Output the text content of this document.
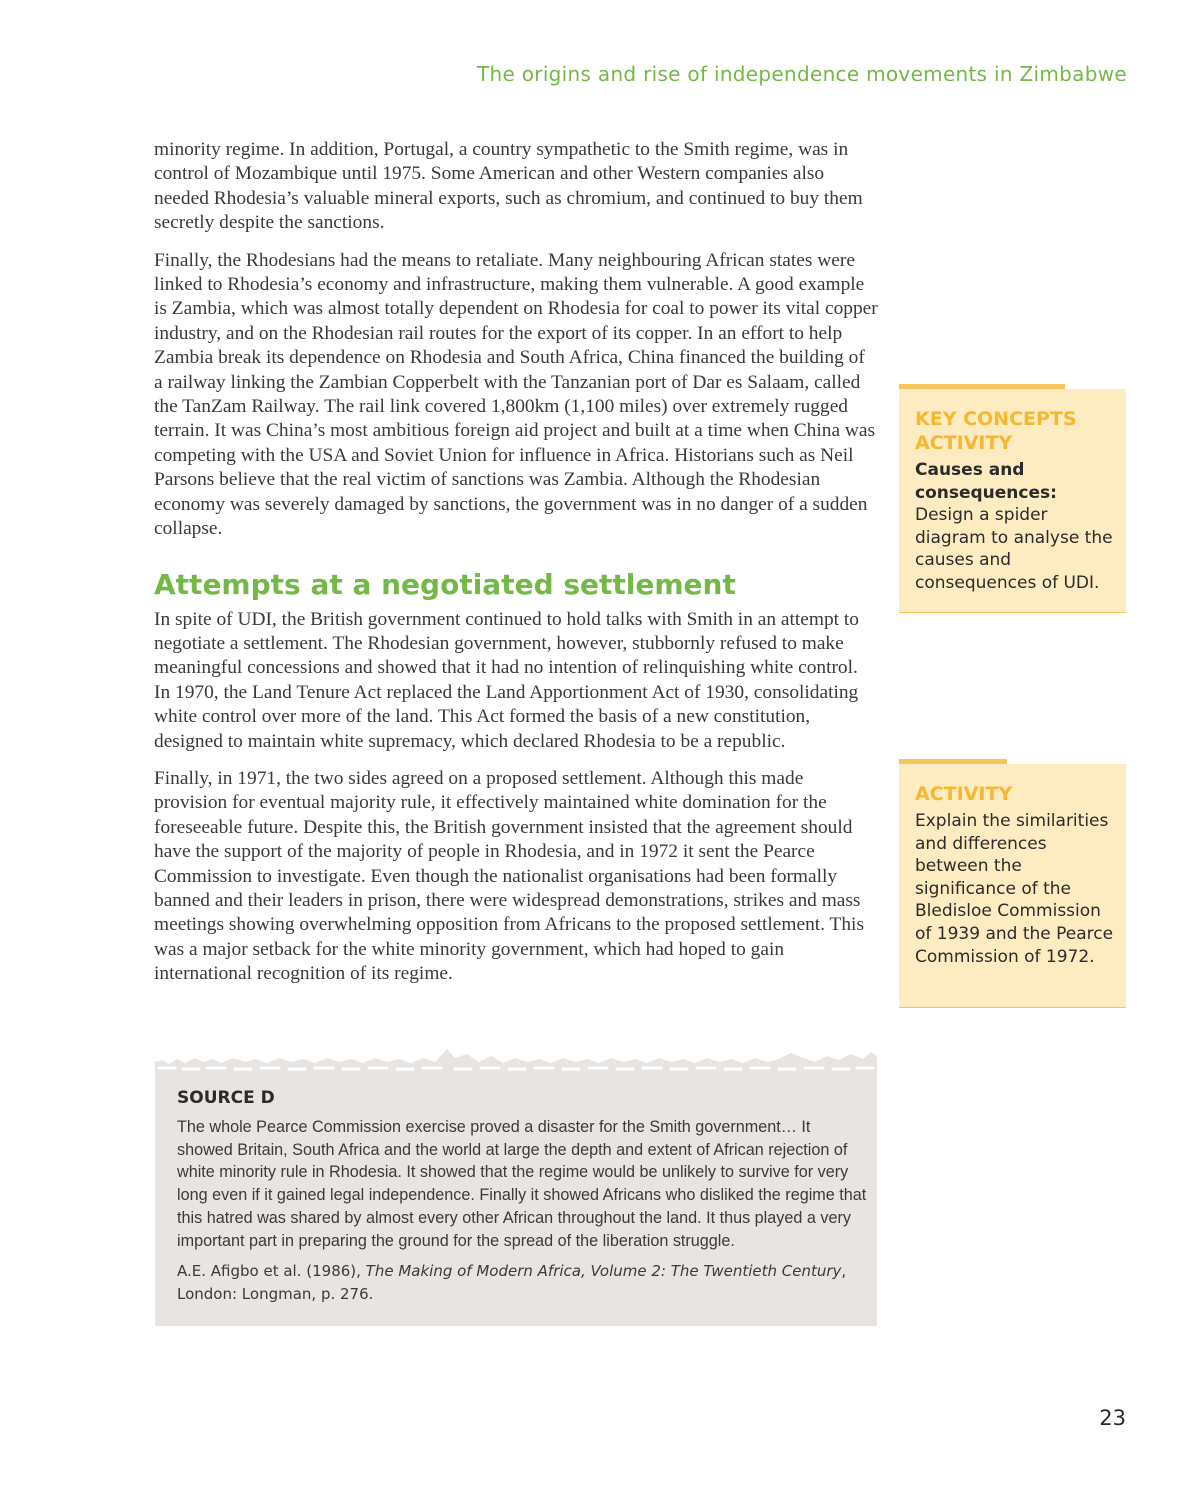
The origins and rise of independence movements in Zimbabwe

minority regime. In addition, Portugal, a country sympathetic to the Smith regime, was in control of Mozambique until 1975. Some American and other Western companies also needed Rhodesia’s valuable mineral exports, such as chromium, and continued to buy them secretly despite the sanctions.

Finally, the Rhodesians had the means to retaliate. Many neighbouring African states were linked to Rhodesia’s economy and infrastructure, making them vulnerable. A good example is Zambia, which was almost totally dependent on Rhodesia for coal to power its vital copper industry, and on the Rhodesian rail routes for the export of its copper. In an effort to help Zambia break its dependence on Rhodesia and South Africa, China financed the building of a railway linking the Zambian Copperbelt with the Tanzanian port of Dar es Salaam, called the TanZam Railway. The rail link covered 1,800km (1,100 miles) over extremely rugged terrain. It was China’s most ambitious foreign aid project and built at a time when China was competing with the USA and Soviet Union for influence in Africa. Historians such as Neil Parsons believe that the real victim of sanctions was Zambia. Although the Rhodesian economy was severely damaged by sanctions, the government was in no danger of a sudden collapse.

Attempts at a negotiated settlement

In spite of UDI, the British government continued to hold talks with Smith in an attempt to negotiate a settlement. The Rhodesian government, however, stubbornly refused to make meaningful concessions and showed that it had no intention of relinquishing white control. In 1970, the Land Tenure Act replaced the Land Apportionment Act of 1930, consolidating white control over more of the land. This Act formed the basis of a new constitution, designed to maintain white supremacy, which declared Rhodesia to be a republic.

Finally, in 1971, the two sides agreed on a proposed settlement. Although this made provision for eventual majority rule, it effectively maintained white domination for the foreseeable future. Despite this, the British government insisted that the agreement should have the support of the majority of people in Rhodesia, and in 1972 it sent the Pearce Commission to investigate. Even though the nationalist organisations had been formally banned and their leaders in prison, there were widespread demonstrations, strikes and mass meetings showing overwhelming opposition from Africans to the proposed settlement. This was a major setback for the white minority government, which had hoped to gain international recognition of its regime.

KEY CONCEPTS ACTIVITY
Causes and consequences: Design a spider diagram to analyse the causes and consequences of UDI.
ACTIVITY
Explain the similarities and differences between the significance of the Bledisloe Commission of 1939 and the Pearce Commission of 1972.
SOURCE D
The whole Pearce Commission exercise proved a disaster for the Smith government… It showed Britain, South Africa and the world at large the depth and extent of African rejection of white minority rule in Rhodesia. It showed that the regime would be unlikely to survive for very long even if it gained legal independence. Finally it showed Africans who disliked the regime that this hatred was shared by almost every other African throughout the land. It thus played a very important part in preparing the ground for the spread of the liberation struggle.
A.E. Afigbo et al. (1986), The Making of Modern Africa, Volume 2: The Twentieth Century, London: Longman, p. 276.
23
